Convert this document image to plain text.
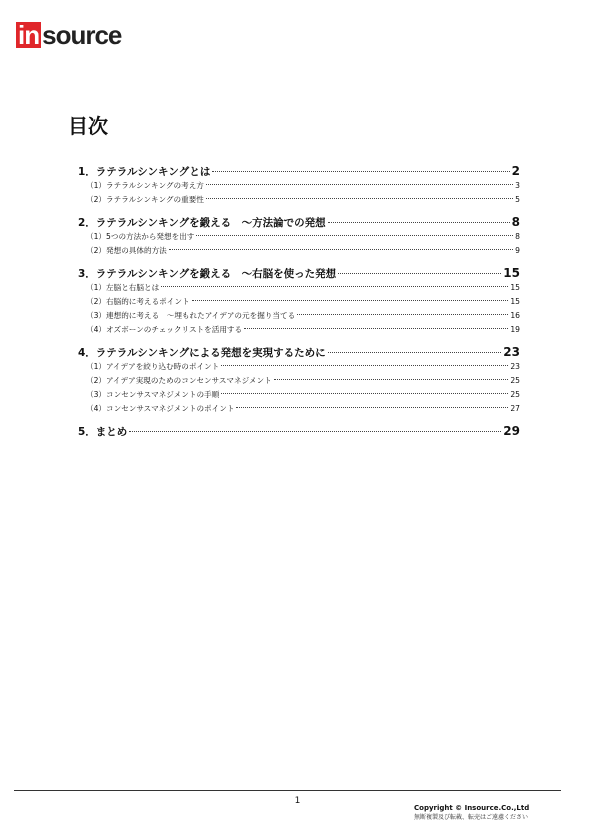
in source
目次
1．ラテラルシンキングとは	2
（1）ラテラルシンキングの考え方	3
（2）ラテラルシンキングの重要性	5
2．ラテラルシンキングを鍛える　～方法論での発想	8
（1）5つの方法から発想を出す	8
（2）発想の具体的方法	9
3．ラテラルシンキングを鍛える　～右脳を使った発想	15
（1）左脳と右脳とは	15
（2）右脳的に考えるポイント	15
（3）連想的に考える　～埋もれたアイデアの元を掘り当てる	16
（4）オズボーンのチェックリストを活用する	19
4．ラテラルシンキングによる発想を実現するために	23
（1）アイデアを絞り込む時のポイント	23
（2）アイデア実現のためのコンセンサスマネジメント	25
（3）コンセンサスマネジメントの手順	25
（4）コンセンサスマネジメントのポイント	27
5．まとめ	29
1
Copyright © Insource.Co.,Ltd
無断複製及び転載、転売はご遠慮ください
